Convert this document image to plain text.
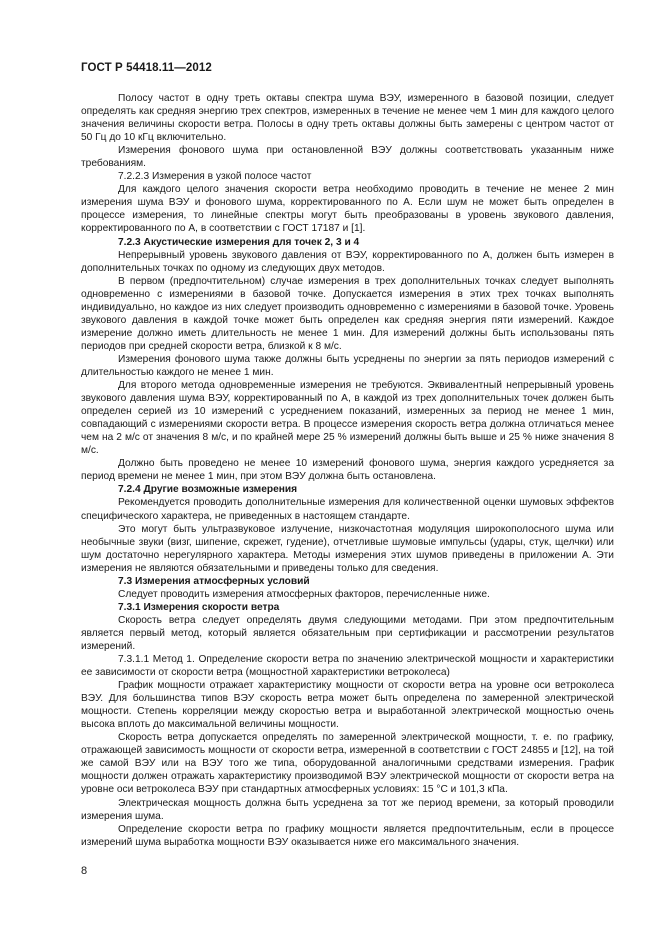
ГОСТ Р 54418.11—2012

Полосу частот в одну треть октавы спектра шума ВЭУ, измеренного в базовой позиции, следует определять как средняя энергию трех спектров, измеренных в течение не менее чем 1 мин для каждого целого значения величины скорости ветра. Полосы в одну треть октавы должны быть замерены с центром частот от 50 Гц до 10 кГц включительно.

Измерения фонового шума при остановленной ВЭУ должны соответствовать указанным ниже требованиям.

7.2.2.3 Измерения в узкой полосе частот

Для каждого целого значения скорости ветра необходимо проводить в течение не менее 2 мин измерения шума ВЭУ и фонового шума, корректированного по А. Если шум не может быть определен в процессе измерения, то линейные спектры могут быть преобразованы в уровень звукового давления, корректированного по А, в соответствии с ГОСТ 17187 и [1].

7.2.3 Акустические измерения для точек 2, 3 и 4

Непрерывный уровень звукового давления от ВЭУ, корректированного по А, должен быть измерен в дополнительных точках по одному из следующих двух методов.

В первом (предпочтительном) случае измерения в трех дополнительных точках следует выполнять одновременно с измерениями в базовой точке. Допускается измерения в этих трех точках выполнять индивидуально, но каждое из них следует производить одновременно с измерениями в базовой точке. Уровень звукового давления в каждой точке может быть определен как средняя энергия пяти измерений. Каждое измерение должно иметь длительность не менее 1 мин. Для измерений должны быть использованы пять периодов при средней скорости ветра, близкой к 8 м/с.

Измерения фонового шума также должны быть усреднены по энергии за пять периодов измерений с длительностью каждого не менее 1 мин.

Для второго метода одновременные измерения не требуются. Эквивалентный непрерывный уровень звукового давления шума ВЭУ, корректированный по А, в каждой из трех дополнительных точек должен быть определен серией из 10 измерений с усреднением показаний, измеренных за период не менее 1 мин, совпадающий с измерениями скорости ветра. В процессе измерения скорость ветра должна отличаться менее чем на 2 м/с от значения 8 м/с, и по крайней мере 25 % измерений должны быть выше и 25 % ниже значения 8 м/с.

Должно быть проведено не менее 10 измерений фонового шума, энергия каждого усредняется за период времени не менее 1 мин, при этом ВЭУ должна быть остановлена.

7.2.4 Другие возможные измерения

Рекомендуется проводить дополнительные измерения для количественной оценки шумовых эффектов специфического характера, не приведенных в настоящем стандарте.

Это могут быть ультразвуковое излучение, низкочастотная модуляция широкополосного шума или необычные звуки (визг, шипение, скрежет, гудение), отчетливые шумовые импульсы (удары, стук, щелчки) или шум достаточно нерегулярного характера. Методы измерения этих шумов приведены в приложении А. Эти измерения не являются обязательными и приведены только для сведения.

7.3 Измерения атмосферных условий

Следует проводить измерения атмосферных факторов, перечисленные ниже.

7.3.1 Измерения скорости ветра

Скорость ветра следует определять двумя следующими методами. При этом предпочтительным является первый метод, который является обязательным при сертификации и рассмотрении результатов измерений.

7.3.1.1 Метод 1. Определение скорости ветра по значению электрической мощности и характеристики ее зависимости от скорости ветра (мощностной характеристики ветроколеса)

График мощности отражает характеристику мощности от скорости ветра на уровне оси ветроколеса ВЭУ. Для большинства типов ВЭУ скорость ветра может быть определена по замеренной электрической мощности. Степень корреляции между скоростью ветра и выработанной электрической мощностью очень высока вплоть до максимальной величины мощности.

Скорость ветра допускается определять по замеренной электрической мощности, т. е. по графику, отражающей зависимость мощности от скорости ветра, измеренной в соответствии с ГОСТ 24855 и [12], на той же самой ВЭУ или на ВЭУ того же типа, оборудованной аналогичными средствами измерения. График мощности должен отражать характеристику производимой ВЭУ электрической мощности от скорости ветра на уровне оси ветроколеса ВЭУ при стандартных атмосферных условиях: 15 °С и 101,3 кПа.

Электрическая мощность должна быть усреднена за тот же период времени, за который проводили измерения шума.

Определение скорости ветра по графику мощности является предпочтительным, если в процессе измерений шума выработка мощности ВЭУ оказывается ниже его максимального значения.

8
